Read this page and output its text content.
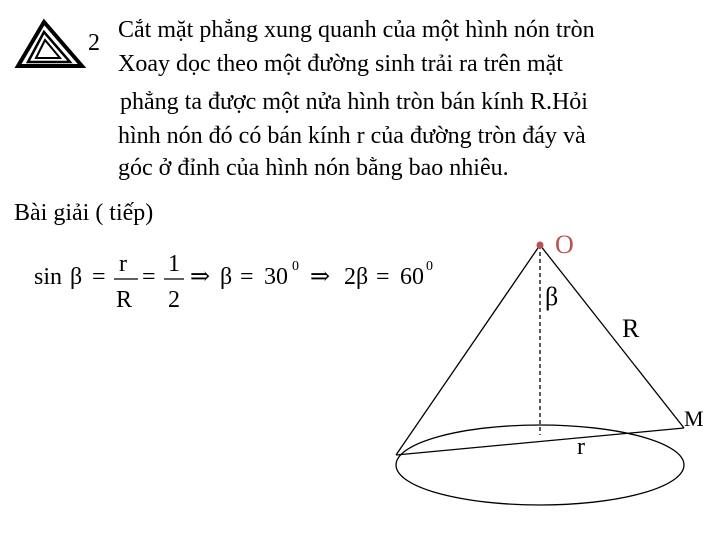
2 Cắt mặt phẳng xung quanh của một hình nón tròn
Xoay dọc theo một đường sinh trải ra trên mặt
phẳng ta được một nửa hình tròn bán kính R.Hỏi
hình nón đó có bán kính r của đường tròn đáy và
góc ở đỉnh của hình nón bằng bao nhiêu.
Bài giải ( tiếp)
sin β = r
R
= 1
2
⇒ β = 30 0 ⇒ 2β = 60 0
O
β
R
M
r
